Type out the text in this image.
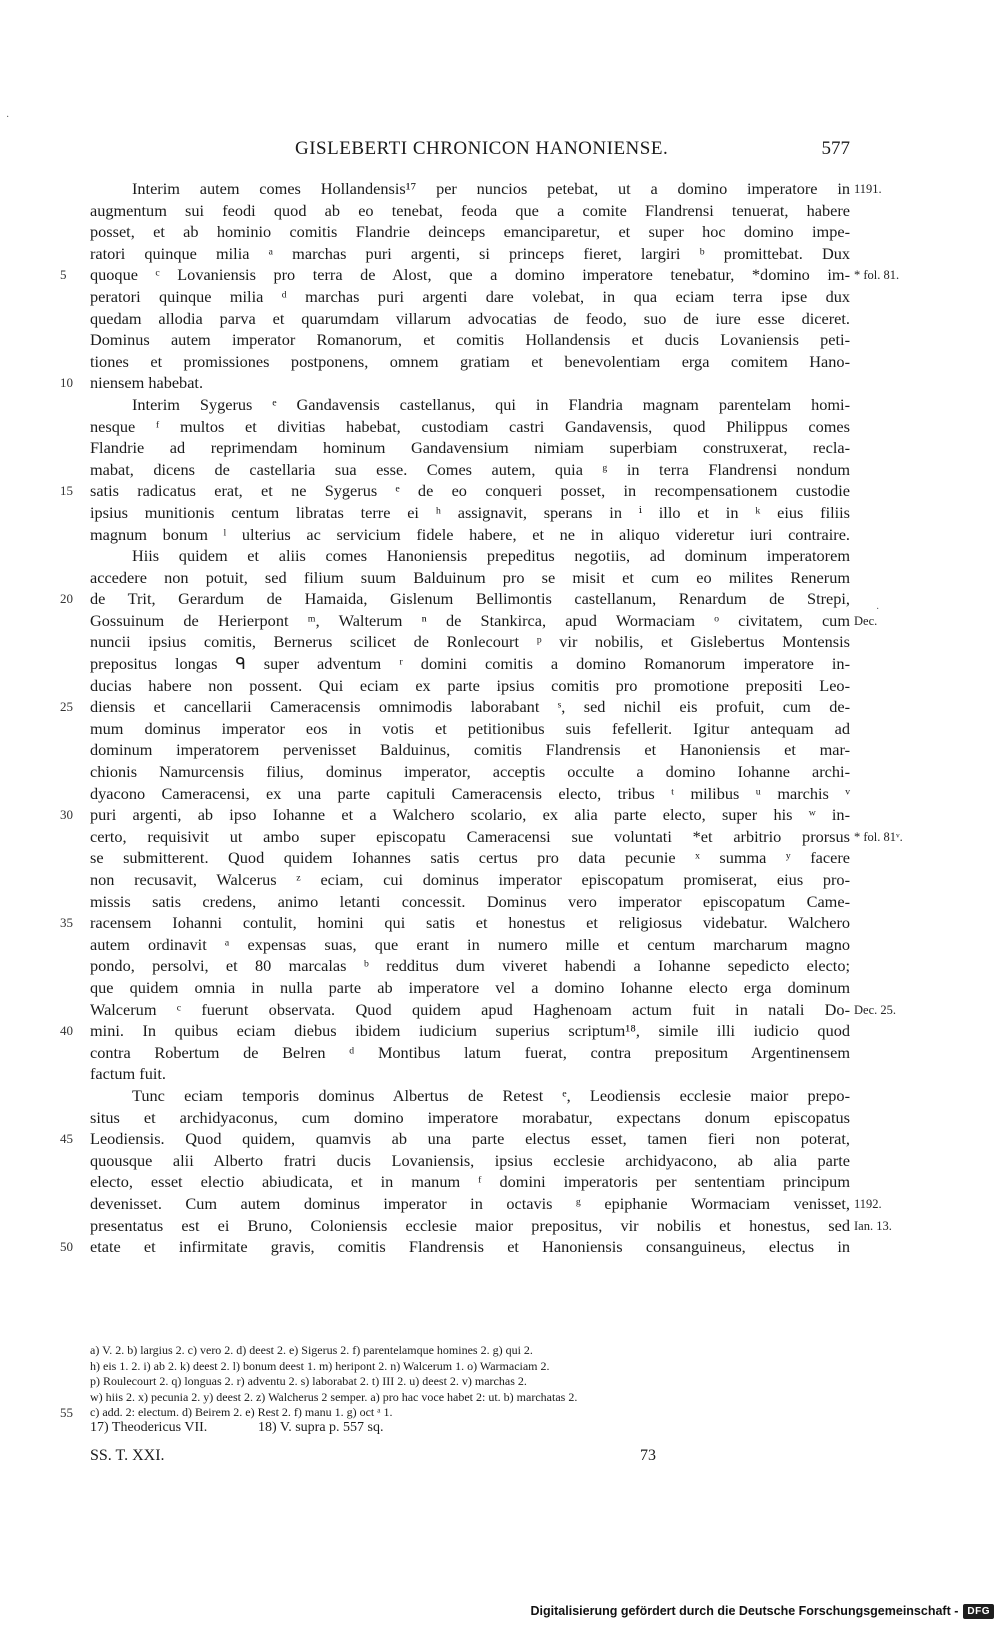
·
·
GISLEBERTI CHRONICON HANONIENSE.	577
Interim autem comes Hollandensis¹⁷ per nuncios petebat, ut a domino imperatore in 1191.
augmentum sui feodi quod ab eo tenebat, feoda que a comite Flandrensi tenuerat, habere
posset, et ab hominio comitis Flandrie deinceps emanciparetur, et super hoc domino impe-
ratori quinque milia ᵃ marchas puri argenti, si princeps fieret, largiri ᵇ promittebat. Dux
quoque ᶜ Lovaniensis pro terra de Alost, que a domino imperatore tenebatur, *domino im-
5	* fol. 81.
peratori quinque milia ᵈ marchas puri argenti dare volebat, in qua eciam terra ipse dux
quedam allodia parva et quarumdam villarum advocatias de feodo, suo de iure esse diceret.
Dominus autem imperator Romanorum, et comitis Hollandensis et ducis Lovaniensis peti-
tiones et promissiones postponens, omnem gratiam et benevolentiam erga comitem Hano-
niensem habebat.
10
Interim Sygerus ᵉ Gandavensis castellanus, qui in Flandria magnam parentelam homi-
nesque ᶠ multos et divitias habebat, custodiam castri Gandavensis, quod Philippus comes
Flandrie ad reprimendam hominum Gandavensium nimiam superbiam construxerat, recla-
mabat, dicens de castellaria sua esse. Comes autem, quia ᵍ in terra Flandrensi nondum
satis radicatus erat, et ne Sygerus ᵉ de eo conqueri posset, in recompensationem custodie
15
ipsius munitionis centum libratas terre ei ʰ assignavit, sperans in ⁱ illo et in ᵏ eius filiis
magnum bonum ˡ ulterius ac servicium fidele habere, et ne in aliquo videretur iuri contraire.
Hiis quidem et aliis comes Hanoniensis prepeditus negotiis, ad dominum imperatorem
accedere non potuit, sed filium suum Balduinum pro se misit et cum eo milites Renerum
de Trit, Gerardum de Hamaida, Gislenum Bellimontis castellanum, Renardum de Strepi,
20
Gossuinum de Herierpont ᵐ, Walterum ⁿ de Stankirca, apud Wormaciam ᵒ civitatem, cum Dec.
nuncii ipsius comitis, Bernerus scilicet de Ronlecourt ᵖ vir nobilis, et Gislebertus Montensis
prepositus longas ᑫ super adventum ʳ domini comitis a domino Romanorum imperatore in-
ducias habere non possent. Qui eciam ex parte ipsius comitis pro promotione prepositi Leo-
diensis et cancellarii Cameracensis omnimodis laborabant ˢ, sed nichil eis profuit, cum de-
25
mum dominus imperator eos in votis et petitionibus suis fefellerit. Igitur antequam ad
dominum imperatorem pervenisset Balduinus, comitis Flandrensis et Hanoniensis et mar-
chionis Namurcensis filius, dominus imperator, acceptis occulte a domino Iohanne archi-
dyacono Cameracensi, ex una parte capituli Cameracensis electo, tribus ᵗ milibus ᵘ marchis ᵛ
puri argenti, ab ipso Iohanne et a Walchero scolario, ex alia parte electo, super his ʷ in-
30
certo, requisivit ut ambo super episcopatu Cameracensi sue voluntati *et arbitrio prorsus * fol. 81ᵛ.
se submitterent. Quod quidem Iohannes satis certus pro data pecunie ˣ summa ʸ facere
non recusavit, Walcerus ᶻ eciam, cui dominus imperator episcopatum promiserat, eius pro-
missis satis credens, animo letanti concessit. Dominus vero imperator episcopatum Came-
racensem Iohanni contulit, homini qui satis et honestus et religiosus videbatur. Walchero
35
autem ordinavit ᵃ expensas suas, que erant in numero mille et centum marcharum magno
pondo, persolvi, et 80 marcalas ᵇ redditus dum viveret habendi a Iohanne sepedicto electo;
que quidem omnia in nulla parte ab imperatore vel a domino Iohanne electo erga dominum
Walcerum ᶜ fuerunt observata. Quod quidem apud Haghenoam actum fuit in natali Do- Dec. 25.
mini. In quibus eciam diebus ibidem iudicium superius scriptum¹⁸, simile illi iudicio quod
40
contra Robertum de Belren ᵈ Montibus latum fuerat, contra prepositum Argentinensem
factum fuit.
Tunc eciam temporis dominus Albertus de Retest ᵉ, Leodiensis ecclesie maior prepo-
situs et archidyaconus, cum domino imperatore morabatur, expectans donum episcopatus
Leodiensis. Quod quidem, quamvis ab una parte electus esset, tamen fieri non poterat,
45
quousque alii Alberto fratri ducis Lovaniensis, ipsius ecclesie archidyacono, ab alia parte
electo, esset electio abiudicata, et in manum ᶠ domini imperatoris per sententiam principum
devenisset. Cum autem dominus imperator in octavis ᵍ epiphanie Wormaciam venisset, 1192.
presentatus est ei Bruno, Coloniensis ecclesie maior prepositus, vir nobilis et honestus, sed Ian. 13.
etate et infirmitate gravis, comitis Flandrensis et Hanoniensis consanguineus, electus in
50
a) V. 2. b) largius 2. c) vero 2. d) deest 2. e) Sigerus 2. f) parentelamque homines 2. g) qui 2.
h) eis 1. 2. i) ab 2. k) deest 2. l) bonum deest 1. m) heripont 2. n) Walcerum 1. o) Warmaciam 2.
p) Roulecourt 2. q) longuas 2. r) adventu 2. s) laborabat 2. t) III 2. u) deest 2. v) marchas 2.
w) hiis 2. x) pecunia 2. y) deest 2. z) Walcherus 2 semper. a) pro hac voce habet 2: ut. b) marchatas 2.
c) add. 2: electum. d) Beirem 2. e) Rest 2. f) manu 1. g) oct ᵃ 1.
55
17) Theodericus VII.	18) V. supra p. 557 sq.
SS. T. XXI.	73
Digitalisierung gefördert durch die Deutsche Forschungsgemeinschaft - DFG
